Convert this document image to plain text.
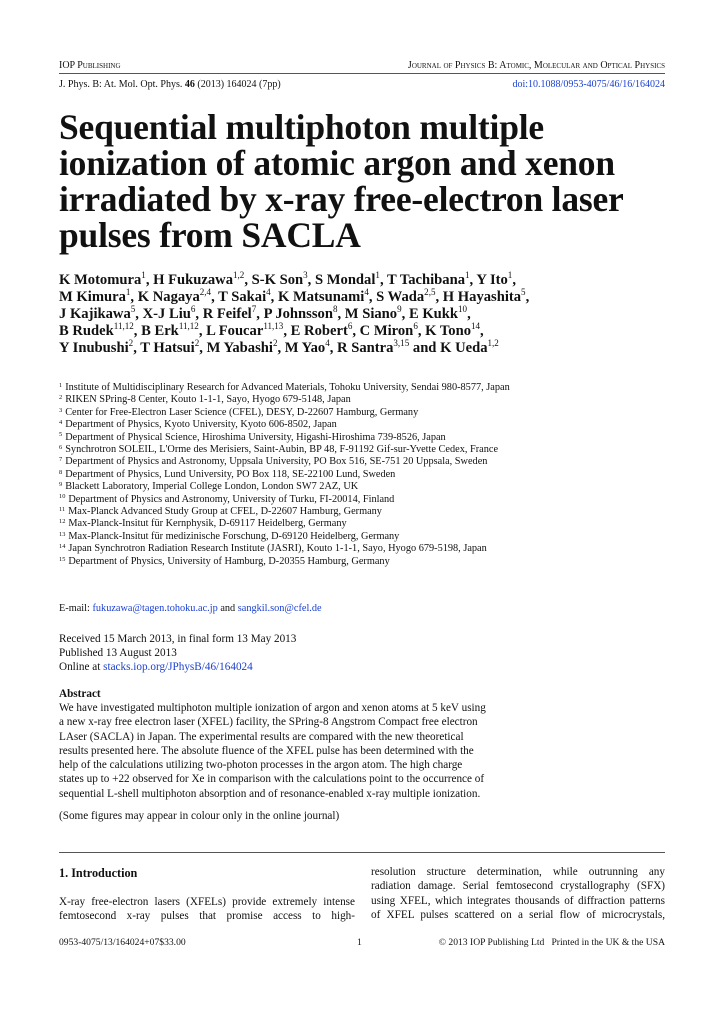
IOP Publishing	Journal of Physics B: Atomic, Molecular and Optical Physics
J. Phys. B: At. Mol. Opt. Phys. 46 (2013) 164024 (7pp)	doi:10.1088/0953-4075/46/16/164024
Sequential multiphoton multiple ionization of atomic argon and xenon irradiated by x-ray free-electron laser pulses from SACLA
K Motomura$^1$, H Fukuzawa$^{1,2}$, S-K Son$^3$, S Mondal$^1$, T Tachibana$^1$, Y Ito$^1$,
M Kimura$^1$, K Nagaya$^{2,4}$, T Sakai$^4$, K Matsunami$^4$, S Wada$^{2,5}$, H Hayashita$^5$,
J Kajikawa$^5$, X-J Liu$^6$, R Feifel$^7$, P Johnsson$^8$, M Siano$^9$, E Kukk$^{10}$,
B Rudek$^{11,12}$, B Erk$^{11,12}$, L Foucar$^{11,13}$, E Robert$^6$, C Miron$^6$, K Tono$^{14}$,
Y Inubushi$^2$, T Hatsui$^2$, M Yabashi$^2$, M Yao$^4$, R Santra$^{3,15}$ and K Ueda$^{1,2}$

$^1$ Institute of Multidisciplinary Research for Advanced Materials, Tohoku University, Sendai 980-8577, Japan
$^2$ RIKEN SPring-8 Center, Kouto 1-1-1, Sayo, Hyogo 679-5148, Japan
$^3$ Center for Free-Electron Laser Science (CFEL), DESY, D-22607 Hamburg, Germany
$^4$ Department of Physics, Kyoto University, Kyoto 606-8502, Japan
$^5$ Department of Physical Science, Hiroshima University, Higashi-Hiroshima 739-8526, Japan
$^6$ Synchrotron SOLEIL, L'Orme des Merisiers, Saint-Aubin, BP 48, F-91192 Gif-sur-Yvette Cedex, France
$^7$ Department of Physics and Astronomy, Uppsala University, PO Box 516, SE-751 20 Uppsala, Sweden
$^8$ Department of Physics, Lund University, PO Box 118, SE-22100 Lund, Sweden
$^9$ Blackett Laboratory, Imperial College London, London SW7 2AZ, UK
$^{10}$ Department of Physics and Astronomy, University of Turku, FI-20014, Finland
$^{11}$ Max-Planck Advanced Study Group at CFEL, D-22607 Hamburg, Germany
$^{12}$ Max-Planck-Insitut für Kernphysik, D-69117 Heidelberg, Germany
$^{13}$ Max-Planck-Insitut für medizinische Forschung, D-69120 Heidelberg, Germany
$^{14}$ Japan Synchrotron Radiation Research Institute (JASRI), Kouto 1-1-1, Sayo, Hyogo 679-5198, Japan
$^{15}$ Department of Physics, University of Hamburg, D-20355 Hamburg, Germany
E-mail: fukuzawa@tagen.tohoku.ac.jp and sangkil.son@cfel.de
Received 15 March 2013, in final form 13 May 2013
Published 13 August 2013
Online at stacks.iop.org/JPhysB/46/164024
Abstract
We have investigated multiphoton multiple ionization of argon and xenon atoms at 5 keV using
a new x-ray free electron laser (XFEL) facility, the SPring-8 Angstrom Compact free electron
LAser (SACLA) in Japan. The experimental results are compared with the new theoretical
results presented here. The absolute fluence of the XFEL pulse has been determined with the
help of the calculations utilizing two-photon processes in the argon atom. The high charge
states up to +22 observed for Xe in comparison with the calculations point to the occurrence of
sequential L-shell multiphoton absorption and of resonance-enabled x-ray multiple ionization.
(Some figures may appear in colour only in the online journal)
1. Introduction
X-ray free-electron lasers (XFELs) provide extremely intense
femtosecond x-ray pulses that promise access to high-
resolution structure determination, while outrunning any
radiation damage. Serial femtosecond crystallography (SFX)
using XFEL, which integrates thousands of diffraction patterns
of XFEL pulses scattered on a serial flow of microcrystals,
0953-4075/13/164024+07$33.00	1	© 2013 IOP Publishing Ltd   Printed in the UK & the USA
